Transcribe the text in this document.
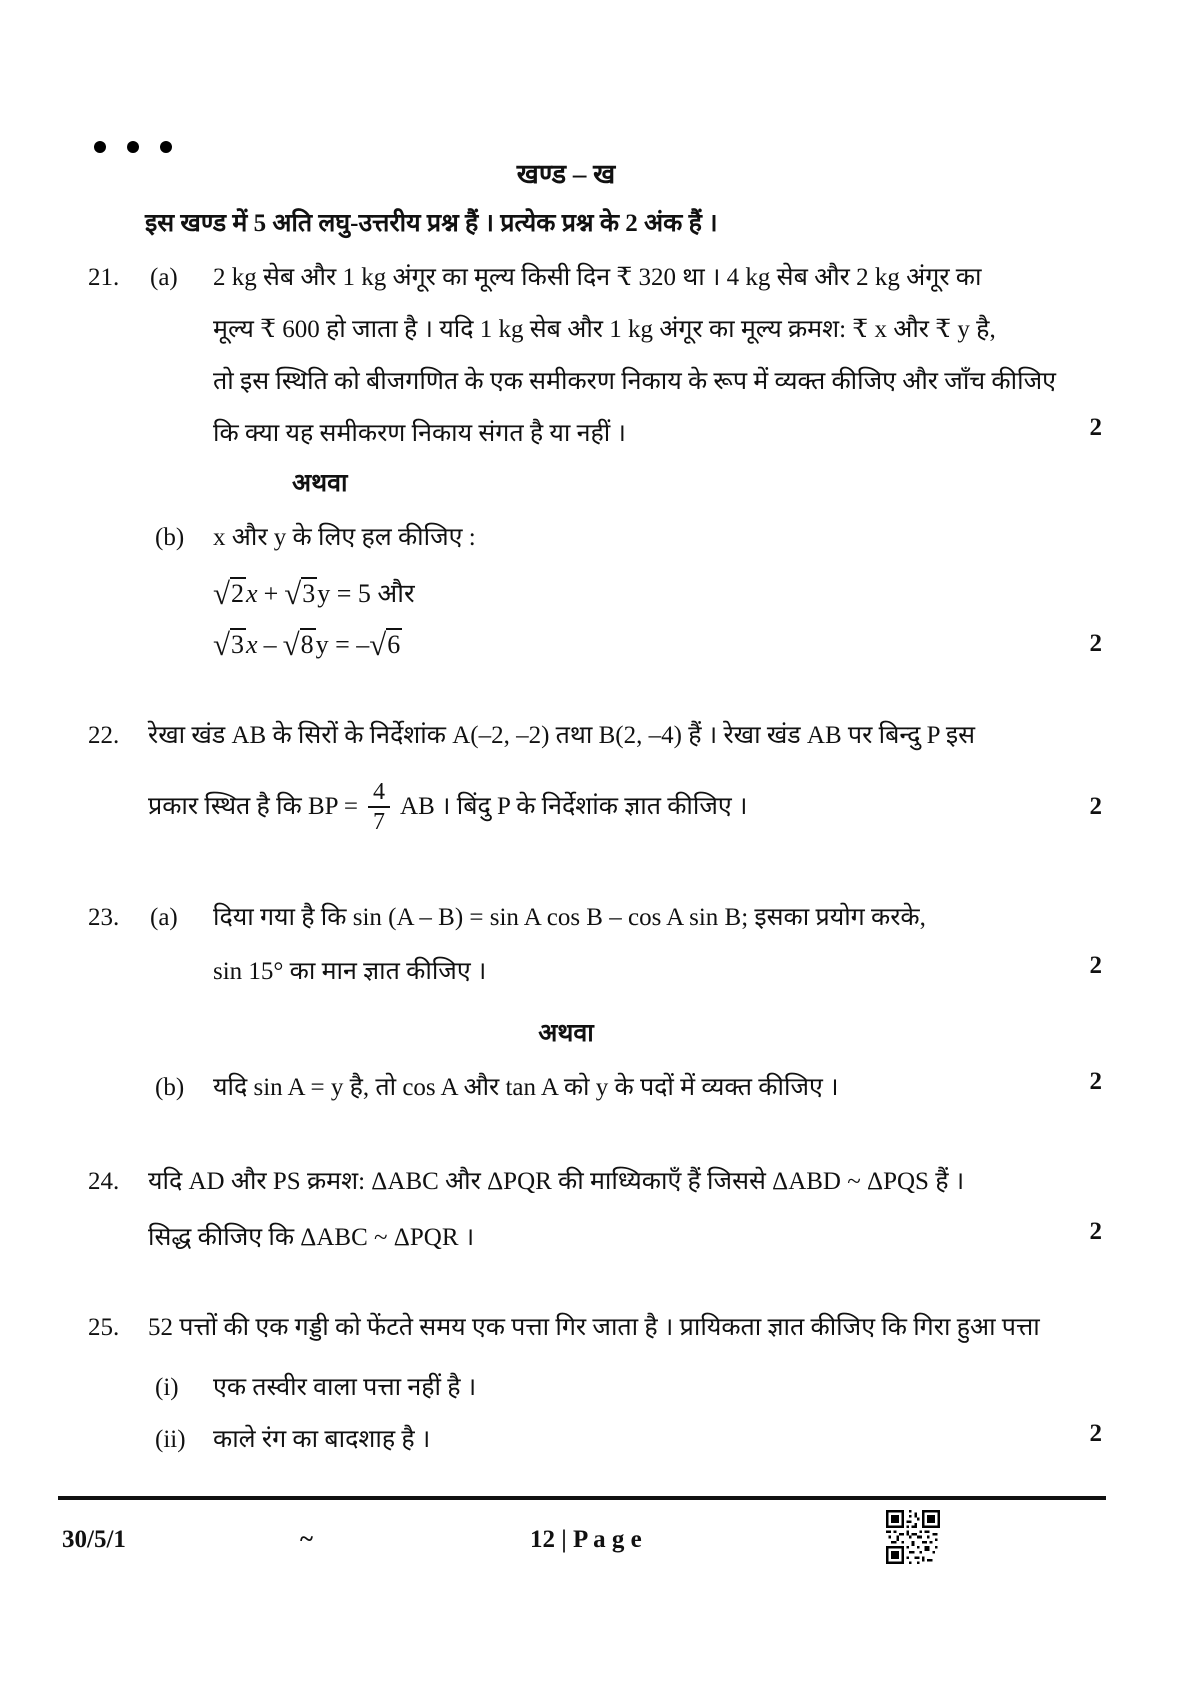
खण्ड – ख
इस खण्ड में 5 अति लघु-उत्तरीय प्रश्न हैं । प्रत्येक प्रश्न के 2 अंक हैं ।
21. (a) 2 kg सेब और 1 kg अंगूर का मूल्य किसी दिन ₹ 320 था । 4 kg सेब और 2 kg अंगूर का
मूल्य ₹ 600 हो जाता है । यदि 1 kg सेब और 1 kg अंगूर का मूल्य क्रमश: ₹ x और ₹ y है,
तो इस स्थिति को बीजगणित के एक समीकरण निकाय के रूप में व्यक्त कीजिए और जाँच कीजिए
कि क्या यह समीकरण निकाय संगत है या नहीं ।	2
अथवा
(b) x और y के लिए हल कीजिए :
√2x + √3y = 5 और
√3x – √8y = –√6	2
22. रेखा खंड AB के सिरों के निर्देशांक A(–2, –2) तथा B(2, –4) हैं । रेखा खंड AB पर बिन्दु P इस
प्रकार स्थित है कि BP = $\frac{4}{7}$ AB । बिंदु P के निर्देशांक ज्ञात कीजिए ।	2
23. (a) दिया गया है कि sin (A – B) = sin A cos B – cos A sin B; इसका प्रयोग करके,
sin 15° का मान ज्ञात कीजिए ।	2
अथवा
(b) यदि sin A = y है, तो cos A और tan A को y के पदों में व्यक्त कीजिए ।	2
24. यदि AD और PS क्रमश: ΔABC और ΔPQR की माध्यिकाएँ हैं जिससे ΔABD ~ ΔPQS हैं ।
सिद्ध कीजिए कि ΔABC ~ ΔPQR ।	2
25. 52 पत्तों की एक गड्डी को फेंटते समय एक पत्ता गिर जाता है । प्रायिकता ज्ञात कीजिए कि गिरा हुआ पत्ता
(i) एक तस्वीर वाला पत्ता नहीं है ।
(ii) काले रंग का बादशाह है ।	2
30/5/1	~	12 | P a g e
